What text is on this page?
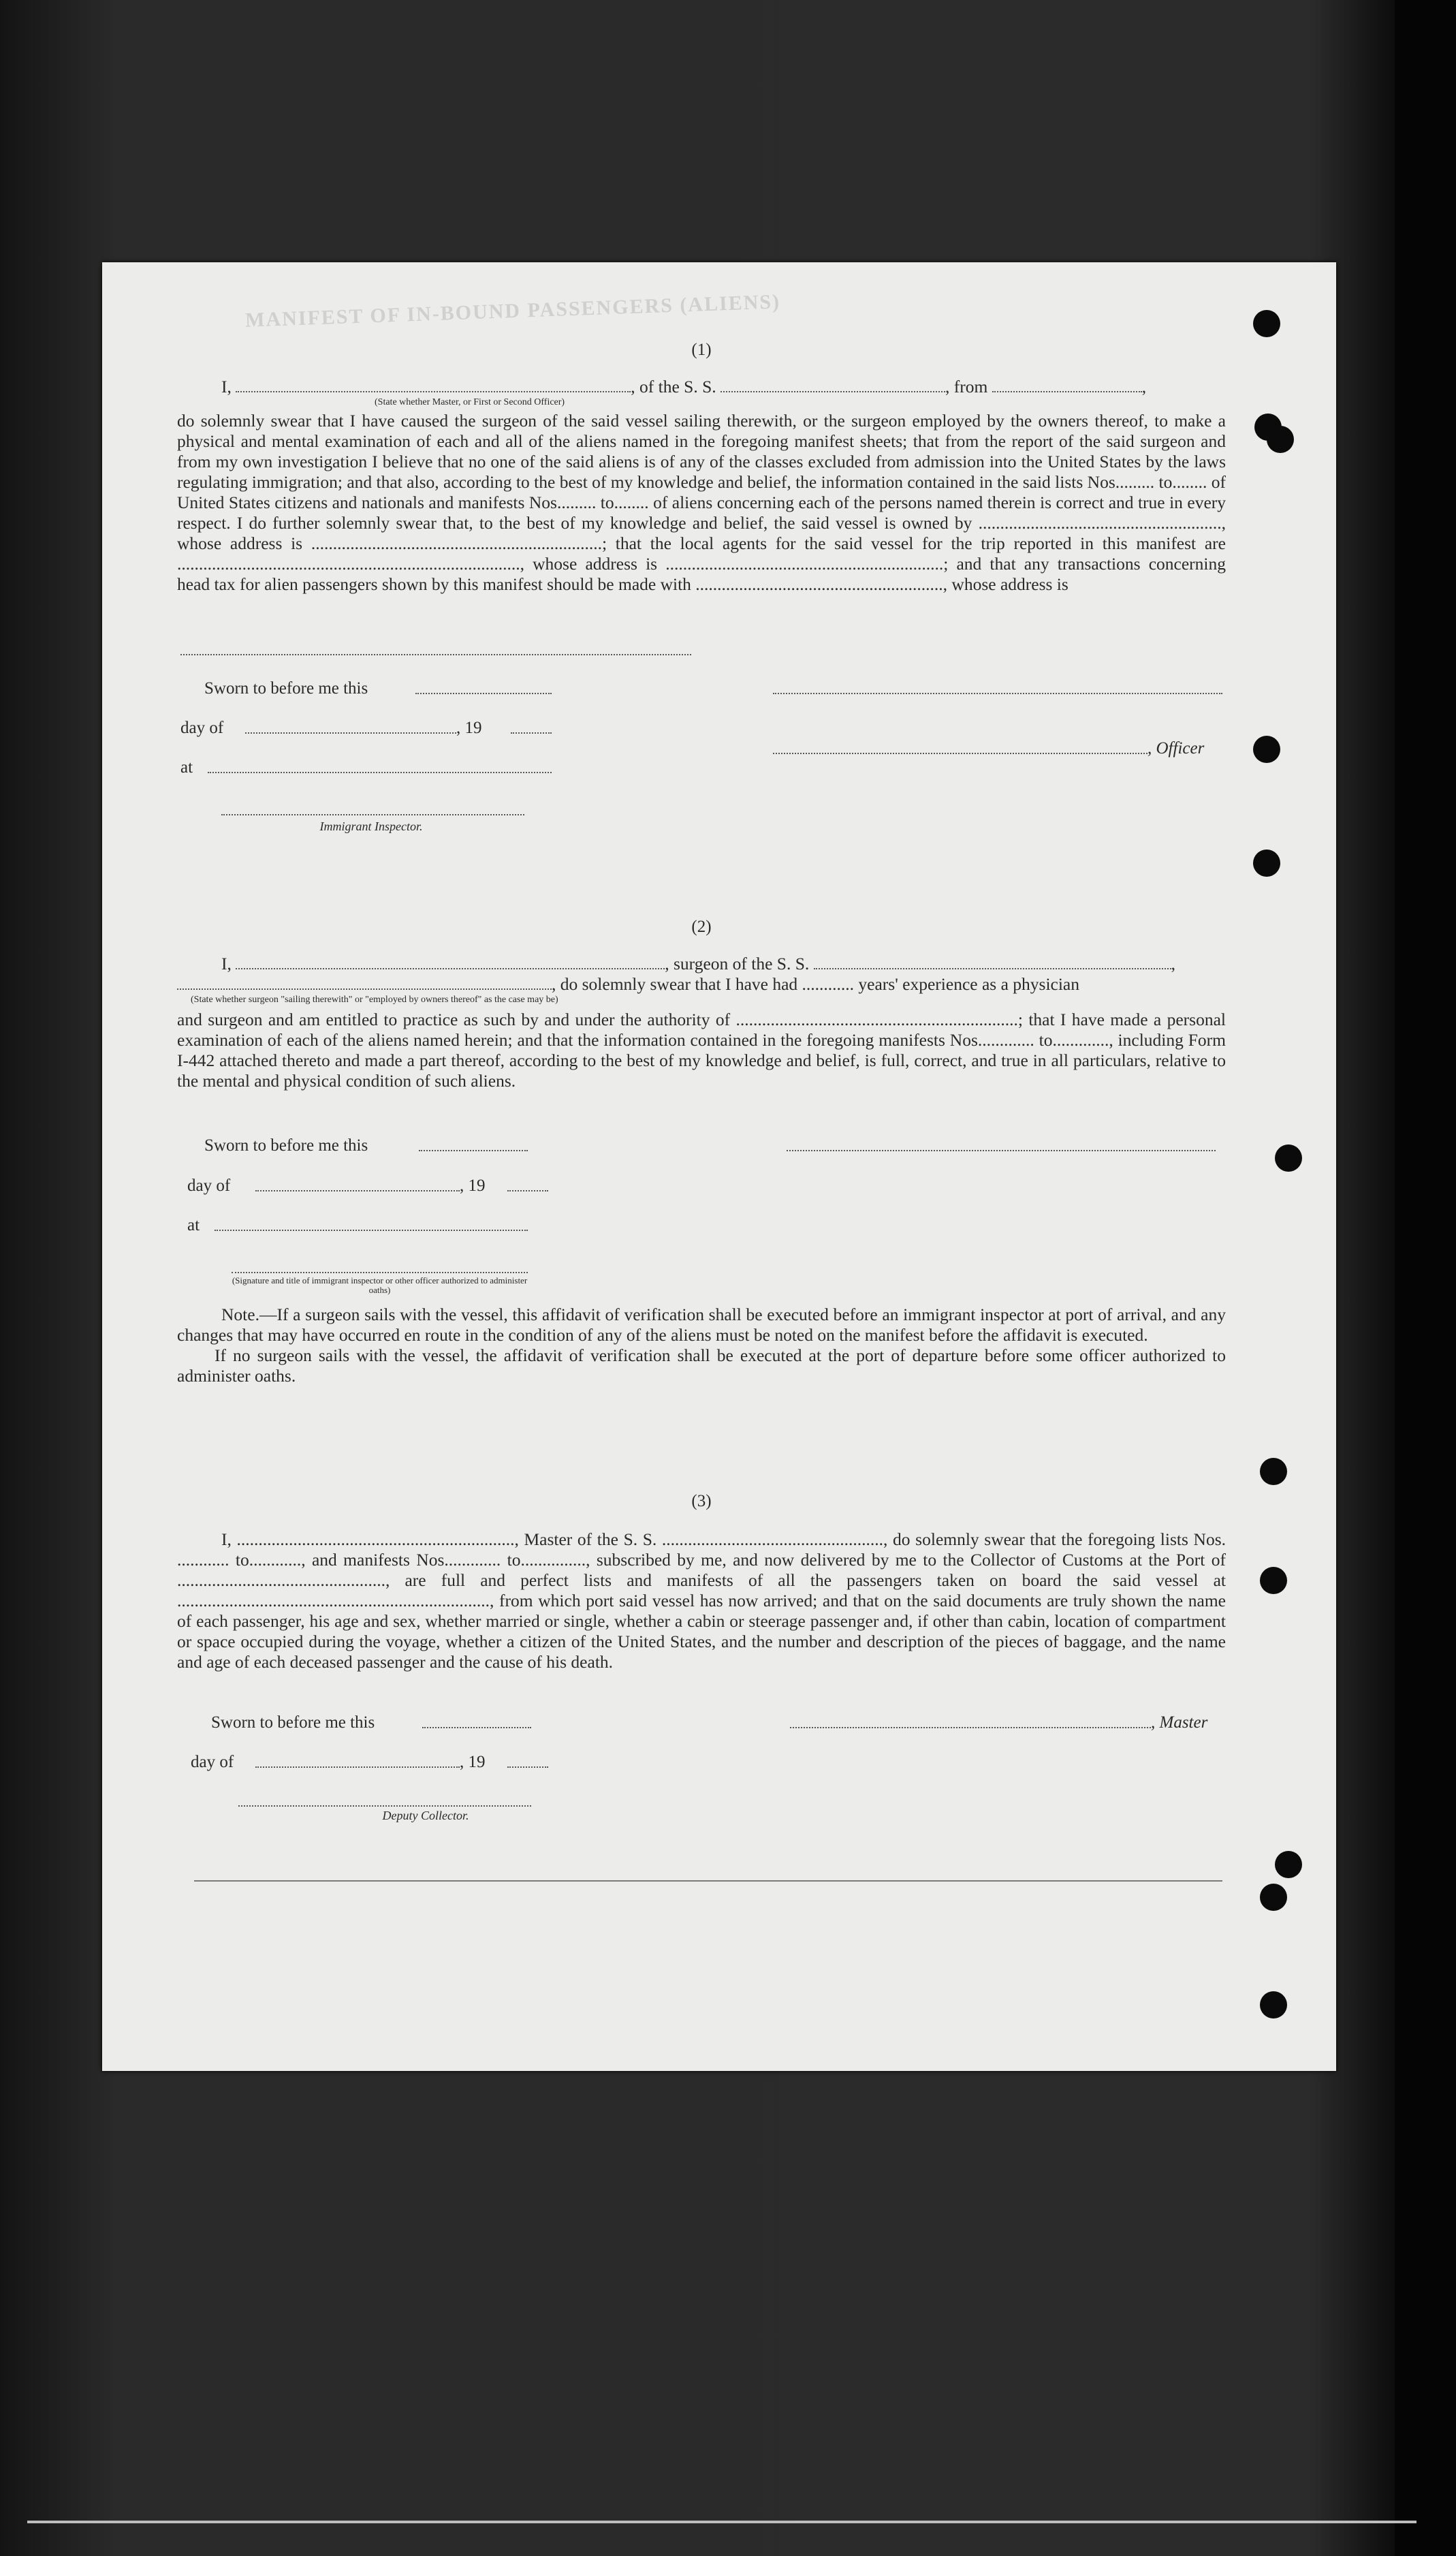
MANIFEST OF IN-BOUND PASSENGERS (ALIENS)
(1)

I,	, of the S. S.	, from	,

(State whether Master, or First or Second Officer)

do solemnly swear that I have caused the surgeon of the said vessel sailing therewith, or the surgeon employed by the owners thereof, to make a physical and mental examination of each and all of the aliens named in the foregoing manifest sheets; that from the report of the said surgeon and from my own investigation I believe that no one of the said aliens is of any of the classes excluded from admission into the United States by the laws regulating immigration; and that also, according to the best of my knowledge and belief, the information contained in the said lists Nos......... to........ of United States citizens and nationals and manifests Nos......... to........ of aliens concerning each of the persons named therein is correct and true in every respect. I do further solemnly swear that, to the best of my knowledge and belief, the said vessel is owned by ........................................................, whose address is ...................................................................; that the local agents for the said vessel for the trip reported in this manifest are ..............................................................................., whose address is ................................................................; and that any transactions concerning head tax for alien passengers shown by this manifest should be made with ........................................................., whose address is

Sworn to before me this
day of	, 19
, Officer
at
Immigrant Inspector.
(2)

I,	, surgeon of the S. S.	,

, do solemnly swear that I have had ............ years' experience as a physician

(State whether surgeon "sailing therewith" or "employed by owners thereof" as the case may be)

and surgeon and am entitled to practice as such by and under the authority of .................................................................; that I have made a personal examination of each of the aliens named herein; and that the information contained in the foregoing manifests Nos............. to............., including Form I-442 attached thereto and made a part thereof, according to the best of my knowledge and belief, is full, correct, and true in all particulars, relative to the mental and physical condition of such aliens.

Sworn to before me this
day of	, 19
at
(Signature and title of immigrant inspector or other officer authorized to administer oaths)

Note.—If a surgeon sails with the vessel, this affidavit of verification shall be executed before an immigrant inspector at port of arrival, and any changes that may have occurred en route in the condition of any of the aliens must be noted on the manifest before the affidavit is executed.

If no surgeon sails with the vessel, the affidavit of verification shall be executed at the port of departure before some officer authorized to administer oaths.

(3)

I, ................................................................, Master of the S. S. ..................................................., do solemnly swear that the foregoing lists Nos. ............ to............, and manifests Nos............. to..............., subscribed by me, and now delivered by me to the Collector of Customs at the Port of ................................................, are full and perfect lists and manifests of all the passengers taken on board the said vessel at ........................................................................, from which port said vessel has now arrived; and that on the said documents are truly shown the name of each passenger, his age and sex, whether married or single, whether a cabin or steerage passenger and, if other than cabin, location of compartment or space occupied during the voyage, whether a citizen of the United States, and the number and description of the pieces of baggage, and the name and age of each deceased passenger and the cause of his death.

Sworn to before me this	, Master
day of	, 19
Deputy Collector.
